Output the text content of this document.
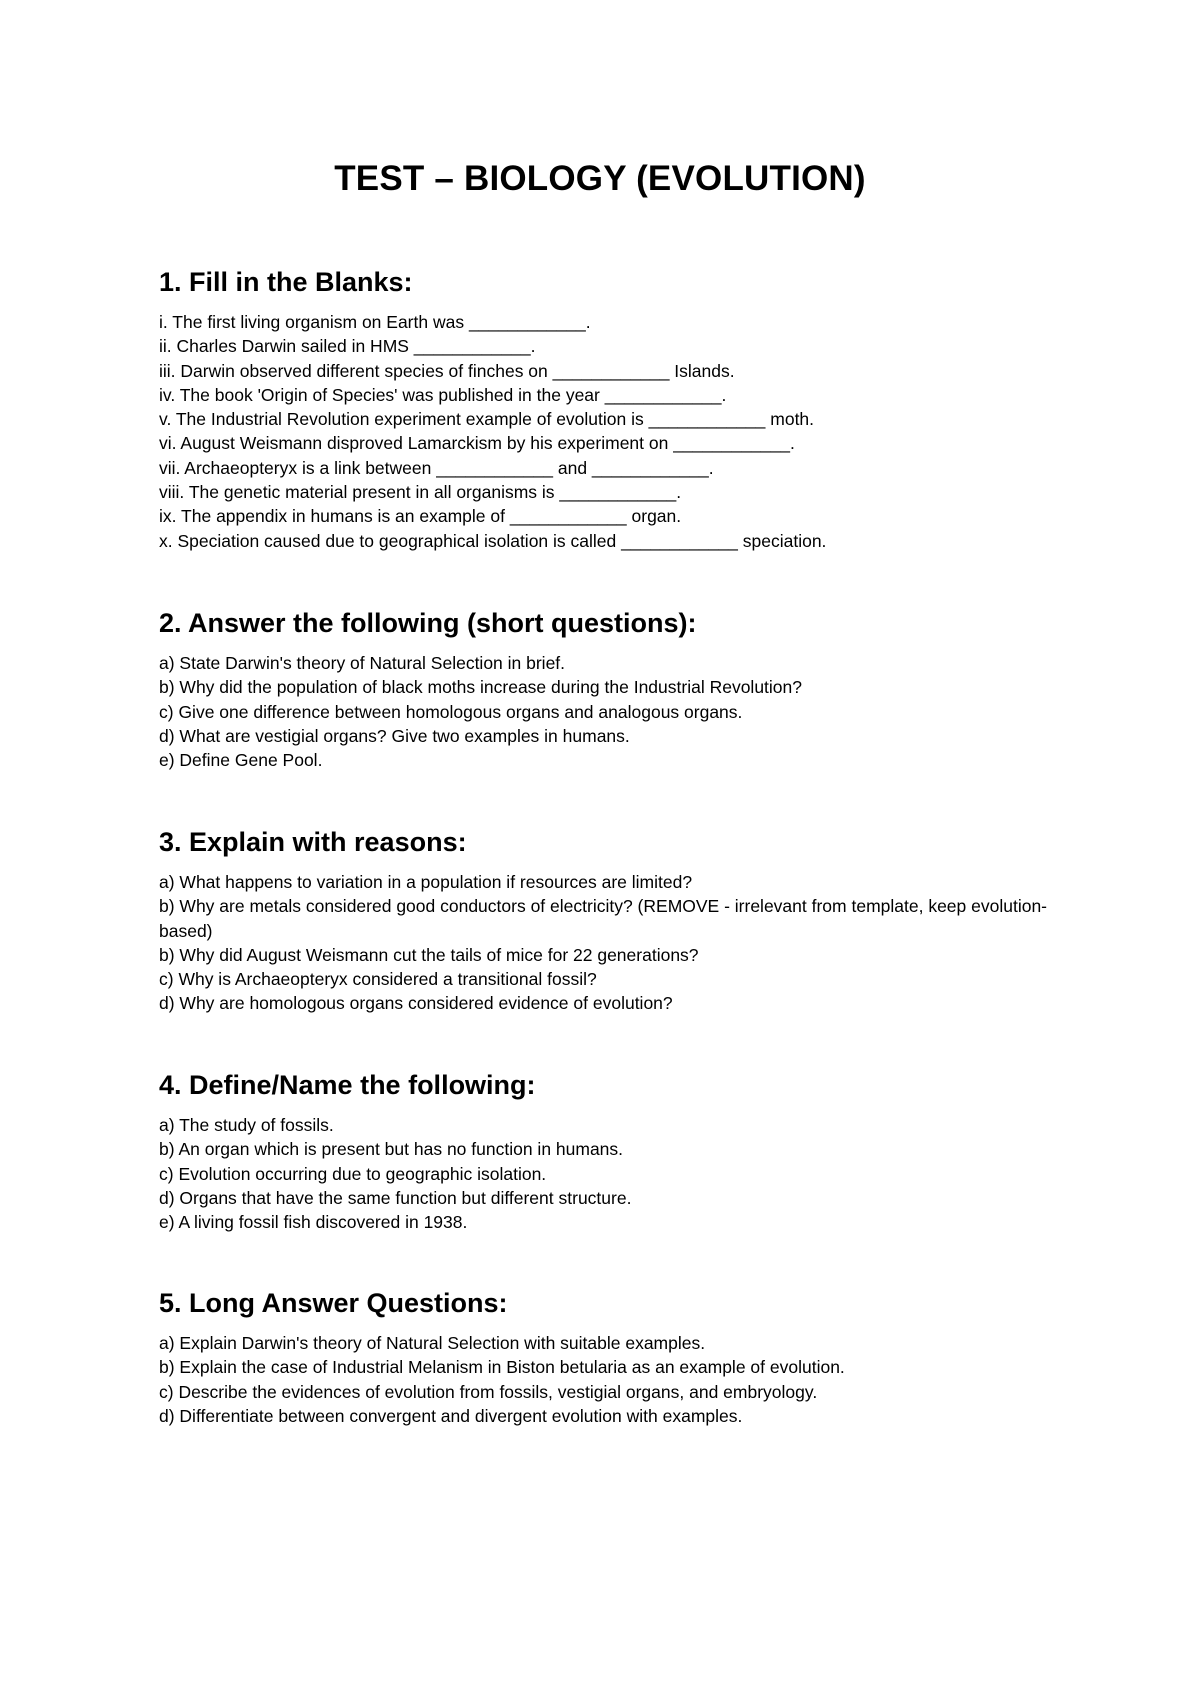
TEST – BIOLOGY (EVOLUTION)
1. Fill in the Blanks:
i. The first living organism on Earth was ____________.
ii. Charles Darwin sailed in HMS ____________.
iii. Darwin observed different species of finches on ____________ Islands.
iv. The book 'Origin of Species' was published in the year ____________.
v. The Industrial Revolution experiment example of evolution is ____________ moth.
vi. August Weismann disproved Lamarckism by his experiment on ____________.
vii. Archaeopteryx is a link between ____________ and ____________.
viii. The genetic material present in all organisms is ____________.
ix. The appendix in humans is an example of ____________ organ.
x. Speciation caused due to geographical isolation is called ____________ speciation.
2. Answer the following (short questions):
a) State Darwin's theory of Natural Selection in brief.
b) Why did the population of black moths increase during the Industrial Revolution?
c) Give one difference between homologous organs and analogous organs.
d) What are vestigial organs? Give two examples in humans.
e) Define Gene Pool.
3. Explain with reasons:
a) What happens to variation in a population if resources are limited?
b) Why are metals considered good conductors of electricity? (REMOVE - irrelevant from template, keep evolution-based)
b) Why did August Weismann cut the tails of mice for 22 generations?
c) Why is Archaeopteryx considered a transitional fossil?
d) Why are homologous organs considered evidence of evolution?
4. Define/Name the following:
a) The study of fossils.
b) An organ which is present but has no function in humans.
c) Evolution occurring due to geographic isolation.
d) Organs that have the same function but different structure.
e) A living fossil fish discovered in 1938.
5. Long Answer Questions:
a) Explain Darwin's theory of Natural Selection with suitable examples.
b) Explain the case of Industrial Melanism in Biston betularia as an example of evolution.
c) Describe the evidences of evolution from fossils, vestigial organs, and embryology.
d) Differentiate between convergent and divergent evolution with examples.
